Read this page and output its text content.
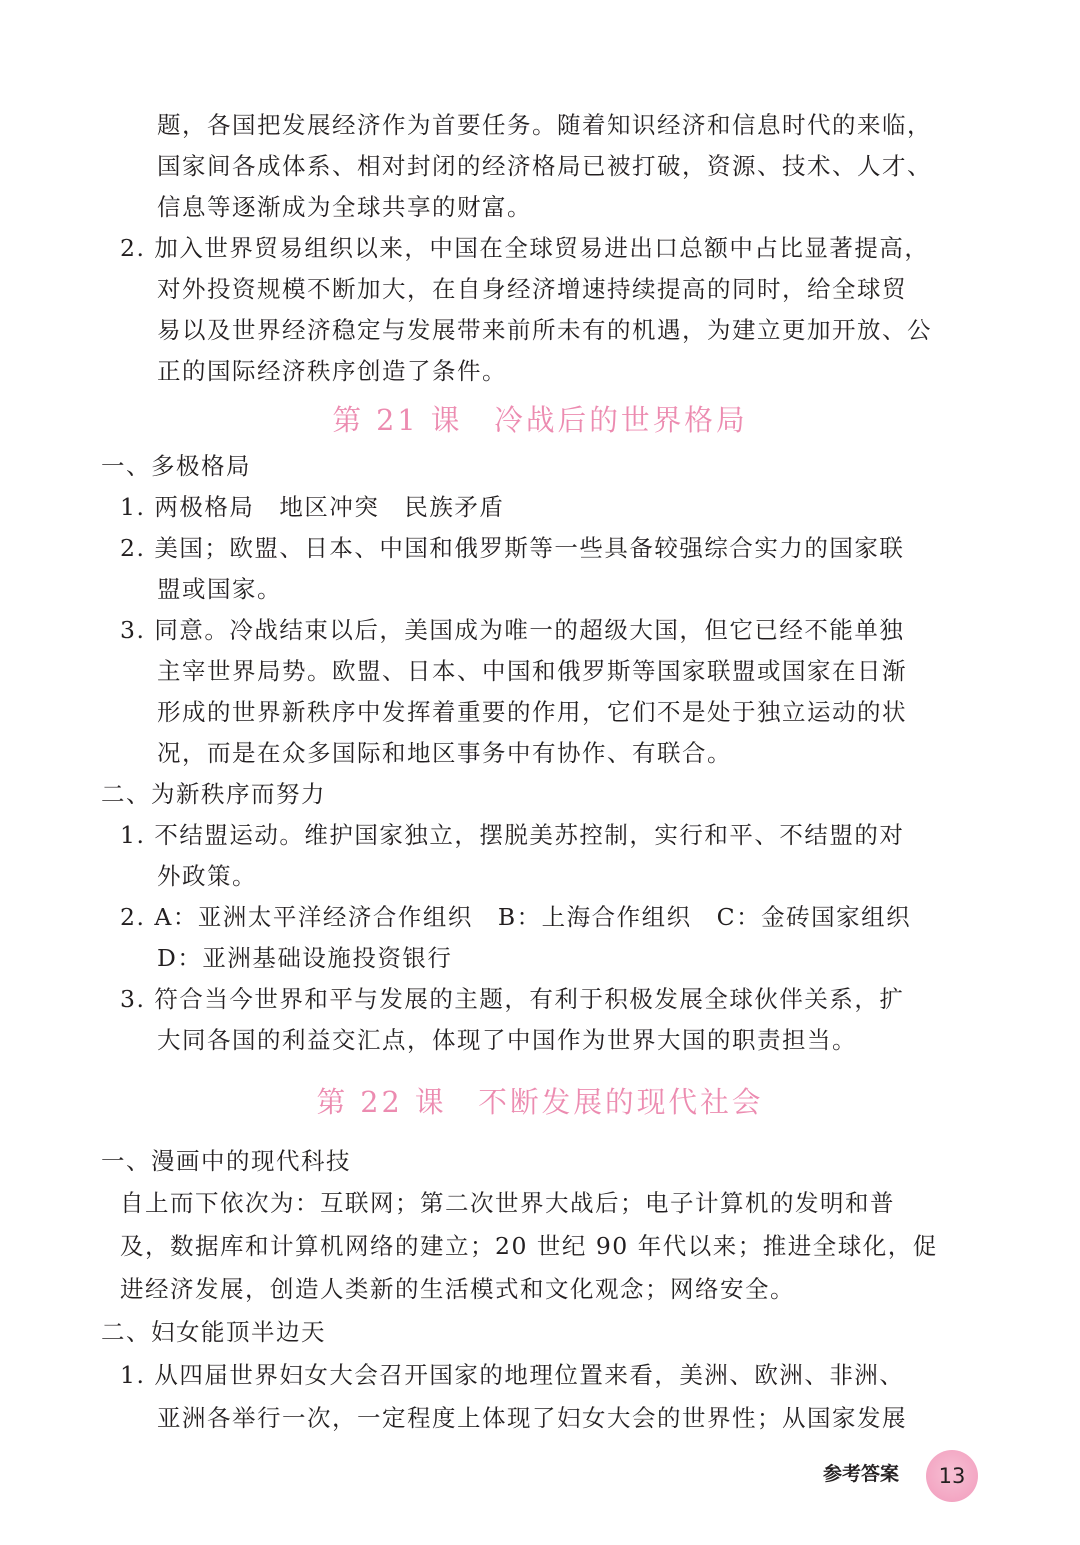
题，各国把发展经济作为首要任务。随着知识经济和信息时代的来临，
国家间各成体系、相对封闭的经济格局已被打破，资源、技术、人才、
信息等逐渐成为全球共享的财富。
2. 加入世界贸易组织以来，中国在全球贸易进出口总额中占比显著提高，
对外投资规模不断加大，在自身经济增速持续提高的同时，给全球贸
易以及世界经济稳定与发展带来前所未有的机遇，为建立更加开放、公
正的国际经济秩序创造了条件。
第 21 课　冷战后的世界格局
一、多极格局
1. 两极格局　地区冲突　民族矛盾
2. 美国；欧盟、日本、中国和俄罗斯等一些具备较强综合实力的国家联
盟或国家。
3. 同意。冷战结束以后，美国成为唯一的超级大国，但它已经不能单独
主宰世界局势。欧盟、日本、中国和俄罗斯等国家联盟或国家在日渐
形成的世界新秩序中发挥着重要的作用，它们不是处于独立运动的状
况，而是在众多国际和地区事务中有协作、有联合。
二、为新秩序而努力
1. 不结盟运动。维护国家独立，摆脱美苏控制，实行和平、不结盟的对
外政策。
2. A：亚洲太平洋经济合作组织　B：上海合作组织　C：金砖国家组织
D：亚洲基础设施投资银行
3. 符合当今世界和平与发展的主题，有利于积极发展全球伙伴关系，扩
大同各国的利益交汇点，体现了中国作为世界大国的职责担当。
第 22 课　不断发展的现代社会
一、漫画中的现代科技
自上而下依次为：互联网；第二次世界大战后；电子计算机的发明和普
及，数据库和计算机网络的建立；20 世纪 90 年代以来；推进全球化，促
进经济发展，创造人类新的生活模式和文化观念；网络安全。
二、妇女能顶半边天
1. 从四届世界妇女大会召开国家的地理位置来看，美洲、欧洲、非洲、
亚洲各举行一次，一定程度上体现了妇女大会的世界性；从国家发展
参考答案 13
